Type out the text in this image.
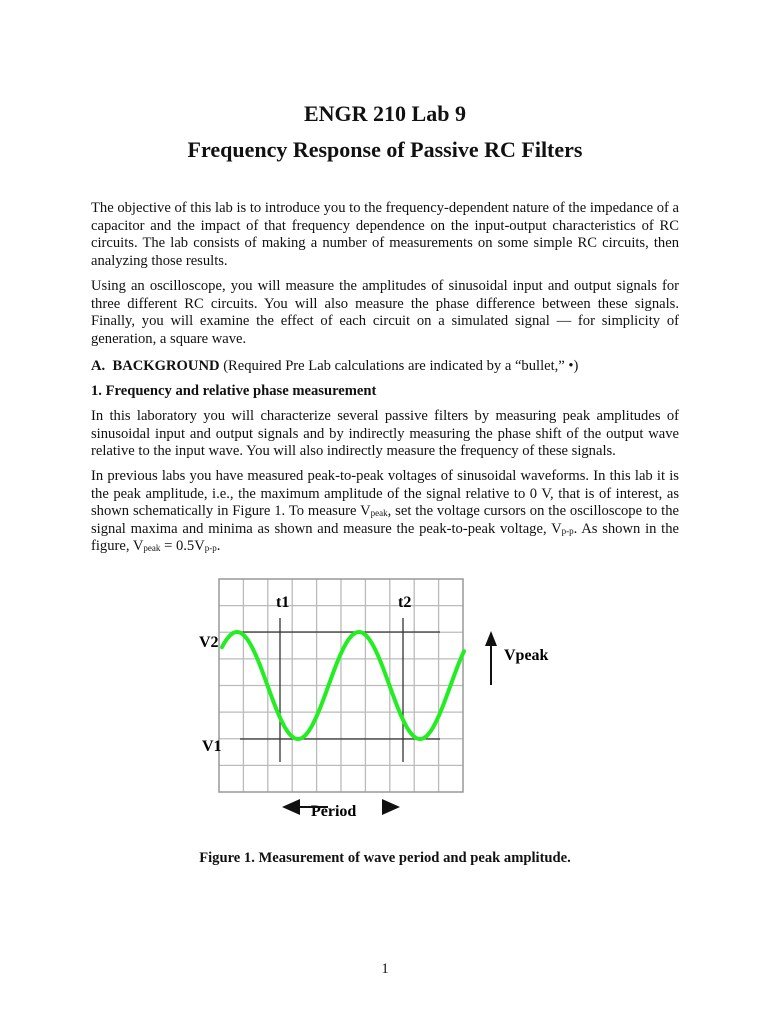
ENGR 210 Lab 9
Frequency Response of Passive RC Filters

The objective of this lab is to introduce you to the frequency-dependent nature of the impedance of a capacitor and the impact of that frequency dependence on the input-output characteristics of RC circuits. The lab consists of making a number of measurements on some simple RC circuits, then analyzing those results.

Using an oscilloscope, you will measure the amplitudes of sinusoidal input and output signals for three different RC circuits. You will also measure the phase difference between these signals. Finally, you will examine the effect of each circuit on a simulated signal — for simplicity of generation, a square wave.

A. BACKGROUND (Required Pre Lab calculations are indicated by a “bullet,” •)
1. Frequency and relative phase measurement

In this laboratory you will characterize several passive filters by measuring peak amplitudes of sinusoidal input and output signals and by indirectly measuring the phase shift of the output wave relative to the input wave. You will also indirectly measure the frequency of these signals.

In previous labs you have measured peak-to-peak voltages of sinusoidal waveforms. In this lab it is the peak amplitude, i.e., the maximum amplitude of the signal relative to 0 V, that is of interest, as shown schematically in Figure 1. To measure $V_{peak}$, set the voltage cursors on the oscilloscope to the signal maxima and minima as shown and measure the peak-to-peak voltage, $V_{p-p}$. As shown in the figure, $V_{peak} = 0.5V_{p-p}$.

t1	t2
V2
V1
Vpeak
Period
Figure 1. Measurement of wave period and peak amplitude.
1
